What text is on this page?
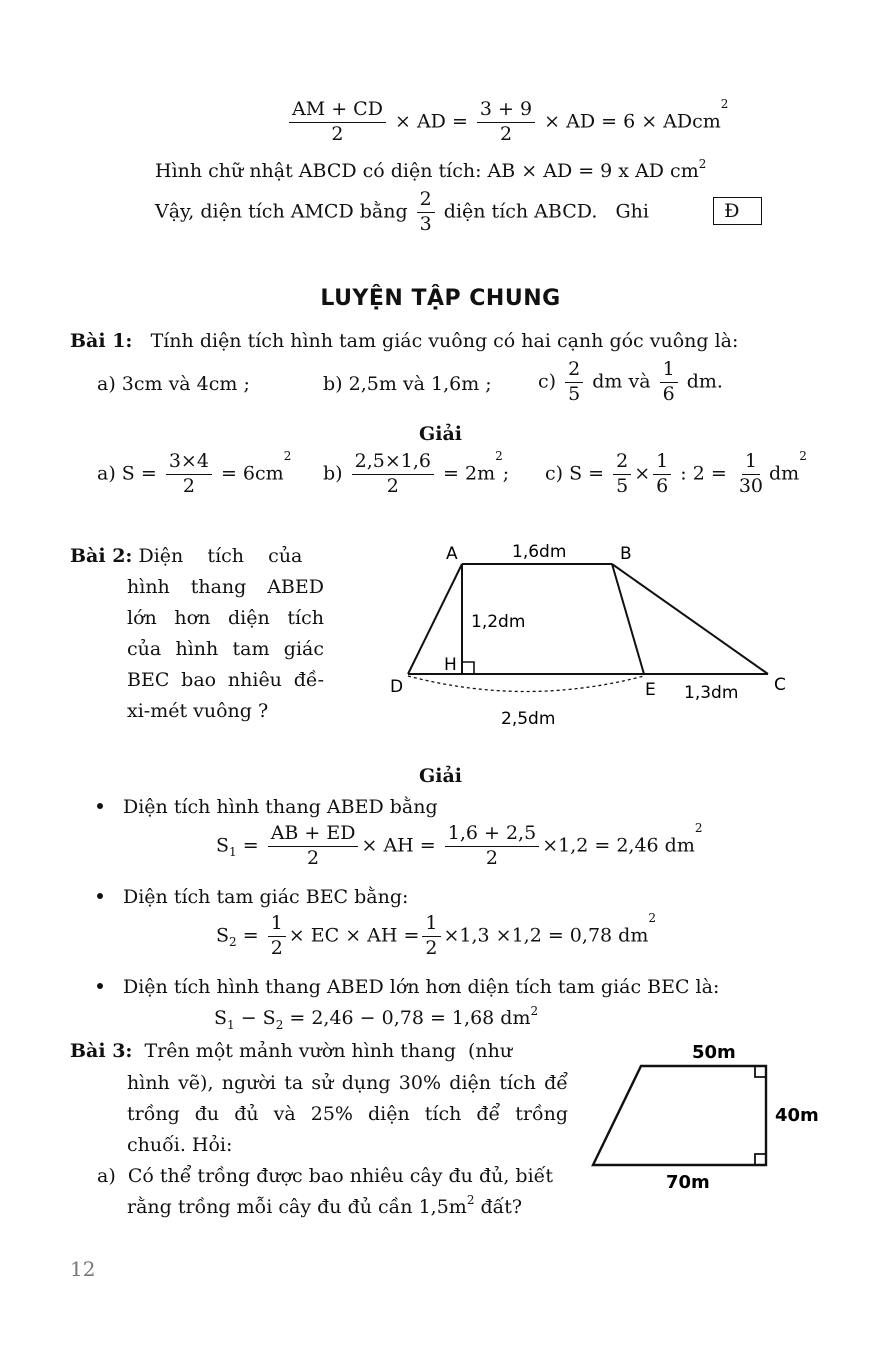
$\frac{AM + CD}{2}$ × AD = $\frac{3 + 9}{2}$ × AD = 6 × ADcm$^2$
Hình chữ nhật ABCD có diện tích: AB × AD = 9 x AD $cm^2$
Vậy, diện tích AMCD bằng $\frac{2}{3}$ diện tích ABCD. Ghi	Đ
LUYỆN TẬP CHUNG
Bài 1: Tính diện tích hình tam giác vuông có hai cạnh góc vuông là:
a) 3cm và 4cm ;	b) 2,5m và 1,6m ; $c) \frac{2}{5}$ dm và $\frac{1}{6}$ dm.
Giải
a) $S = \frac{3\times 4}{2} = 6cm^2$
$b) \frac{2,5\times 1,6}{2} = 2m^2$; c) $S = \frac{2}{5} \times \frac{1}{6}$ : $2 = \frac{1}{30} dm^2$
Bài 2: Diện    tích    của
hình thang ABED
lớn hơn diện tích
của hình tam giác
BEC bao nhiêu đề-
xi-mét vuông ?
A	B
C
D	E
H
1,6dm
1,2dm
1,3dm
2,5dm
Giải
Diện tích hình thang ABED bằng
$S_1 = \frac{AB + ED}{2}$ × AH = $\frac{1,6 + 2,5}{2} \times 1,2 = 2,46$ $dm^2$
Diện tích tam giác BEC bằng:
$S_2 = \frac{1}{2}$ × EC × AH = $\frac{1}{2} \times 1,3 \times 1,2 = 0,78$ $dm^2$
Diện tích hình thang ABED lớn hơn diện tích tam giác BEC là:
$S_1 - S_2 = 2,46 - 0,78 = 1,68$ $dm^2$
Bài 3: Trên một mảnh vườn hình thang  (như
hình vẽ), người ta sử dụng 30% diện tích để
trồng đu đủ và 25% diện tích để trồng
chuối. Hỏi:
a)  Có thể trồng được bao nhiêu cây đu đủ, biết
rằng trồng mỗi cây đu đủ cần $1,5m^2$ đất?
50m
40m
70m
12
